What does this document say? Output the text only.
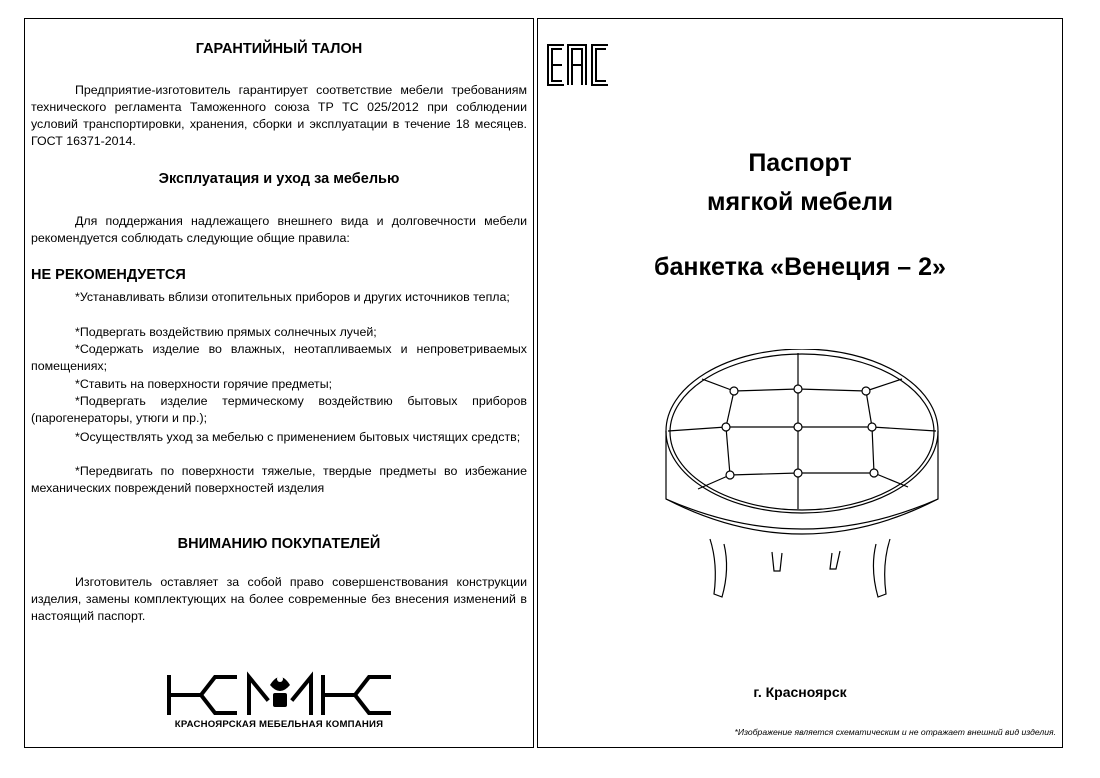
ГАРАНТИЙНЫЙ ТАЛОН
Предприятие-изготовитель гарантирует соответствие мебели требованиям технического регламента Таможенного союза ТР ТС 025/2012 при соблюдении условий транспортировки, хранения, сборки и эксплуатации в течение 18 месяцев. ГОСТ 16371-2014.
Эксплуатация и уход за мебелью
Для поддержания надлежащего внешнего вида и долговечности мебели рекомендуется соблюдать следующие общие правила:
НЕ РЕКОМЕНДУЕТСЯ
*Устанавливать вблизи отопительных приборов и других источников тепла;
*Подвергать воздействию прямых солнечных лучей;
*Содержать изделие во влажных, неотапливаемых и непроветриваемых помещениях;
*Ставить на поверхности горячие предметы;
*Подвергать изделие термическому воздействию бытовых приборов (парогенераторы, утюги и пр.);
*Осуществлять уход за мебелью с применением бытовых чистящих средств;
*Передвигать по поверхности тяжелые, твердые предметы во избежание механических повреждений поверхностей изделия
ВНИМАНИЮ ПОКУПАТЕЛЕЙ
Изготовитель оставляет за собой право совершенствования конструкции изделия, замены комплектующих на более современные без внесения изменений в настоящий паспорт.
КРАСНОЯРСКАЯ МЕБЕЛЬНАЯ КОМПАНИЯ
Паспорт
мягкой мебели
банкетка «Венеция – 2»
г. Красноярск
*Изображение является схематическим и не отражает внешний вид изделия.
